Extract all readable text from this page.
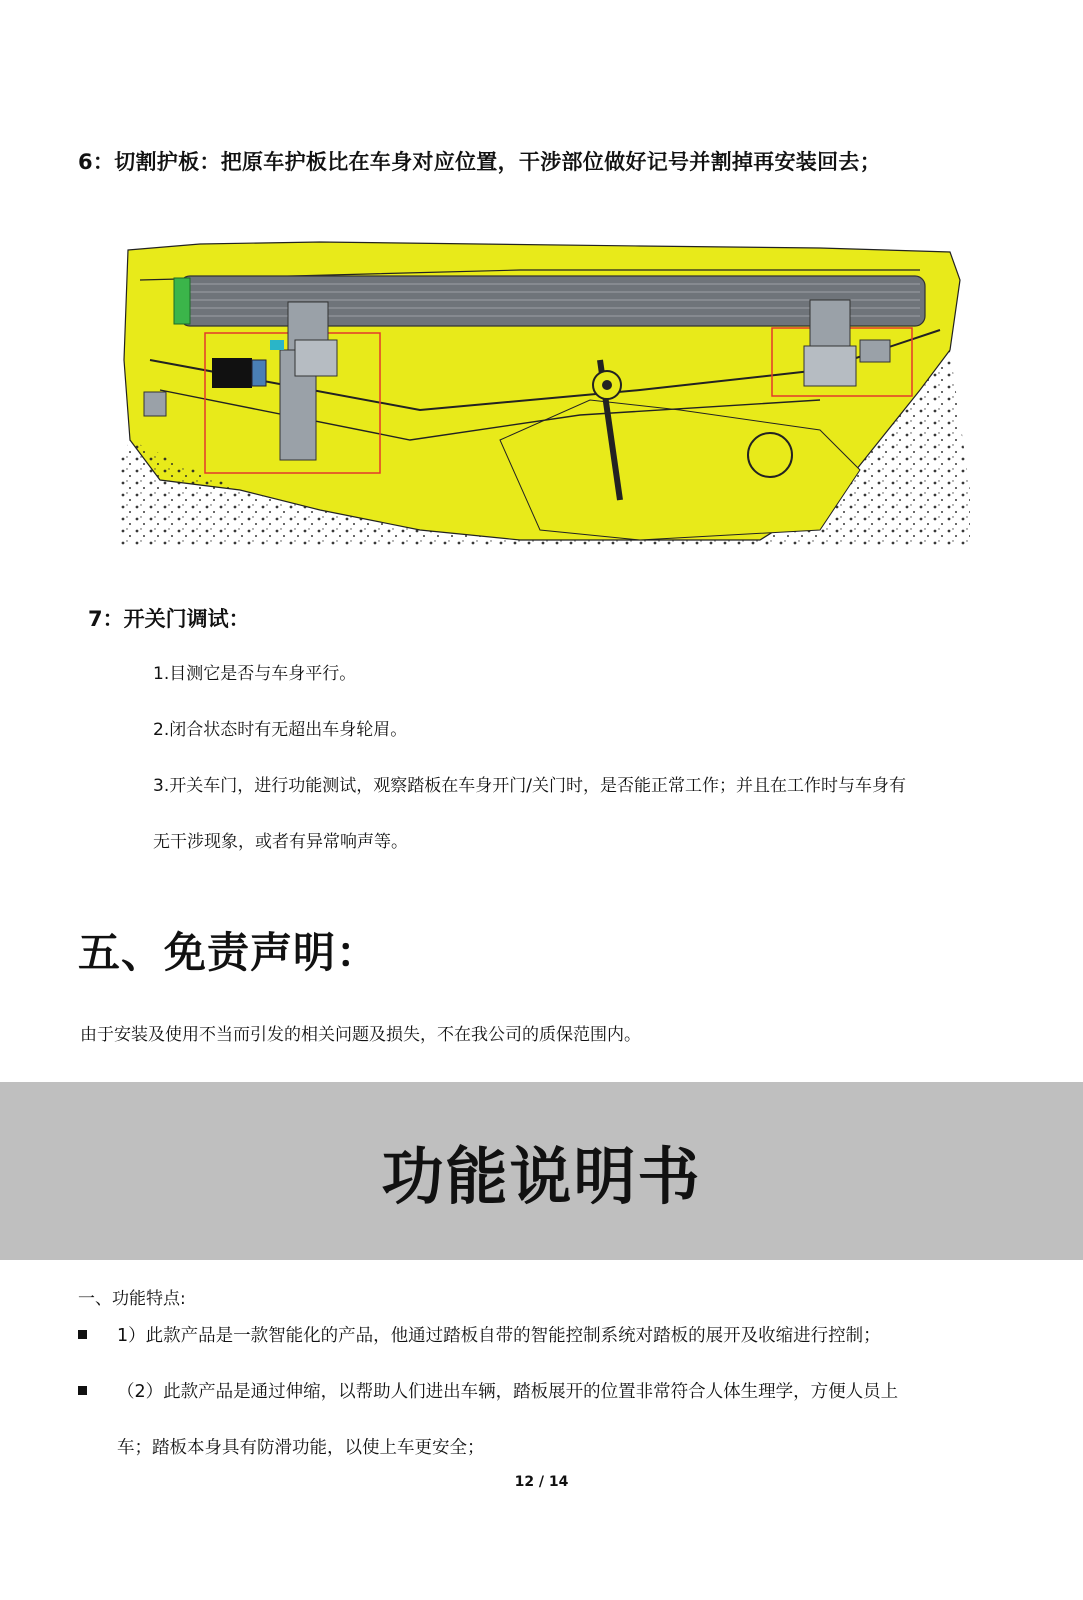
6：切割护板：把原车护板比在车身对应位置，干涉部位做好记号并割掉再安装回去；
7：开关门调试：
1.目测它是否与车身平行。
2.闭合状态时有无超出车身轮眉。
3.开关车门，进行功能测试，观察踏板在车身开门/关门时，是否能正常工作；并且在工作时与车身有
无干涉现象，或者有异常响声等。
五、免责声明：
由于安装及使用不当而引发的相关问题及损失，不在我公司的质保范围内。
功能说明书
一、功能特点:
1）此款产品是一款智能化的产品，他通过踏板自带的智能控制系统对踏板的展开及收缩进行控制；
（2）此款产品是通过伸缩，以帮助人们进出车辆，踏板展开的位置非常符合人体生理学，方便人员上
车；踏板本身具有防滑功能，以使上车更安全；
12 / 14
